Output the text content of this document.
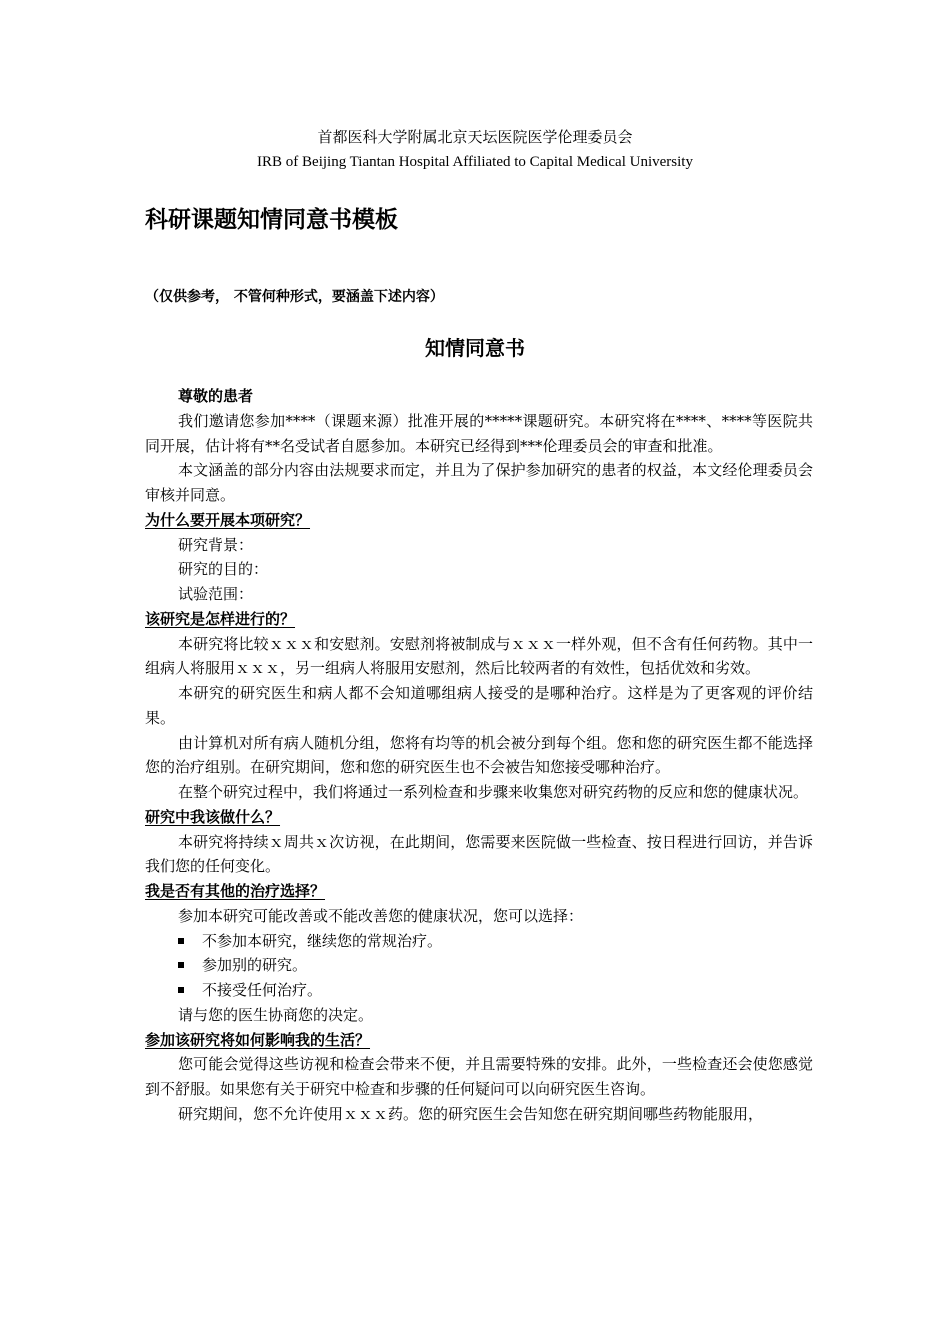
首都医科大学附属北京天坛医院医学伦理委员会
IRB of Beijing Tiantan Hospital Affiliated to Capital Medical University
科研课题知情同意书模板
（仅供参考， 不管何种形式，要涵盖下述内容）
知情同意书
尊敬的患者

我们邀请您参加****（课题来源）批准开展的*****课题研究。本研究将在****、****等医院共同开展，估计将有**名受试者自愿参加。本研究已经得到***伦理委员会的审查和批准。

本文涵盖的部分内容由法规要求而定，并且为了保护参加研究的患者的权益，本文经伦理委员会审核并同意。

为什么要开展本项研究？

研究背景：

研究的目的：

试验范围：

该研究是怎样进行的？

本研究将比较ｘｘｘ和安慰剂。安慰剂将被制成与ｘｘｘ一样外观，但不含有任何药物。其中一组病人将服用ｘｘｘ，另一组病人将服用安慰剂，然后比较两者的有效性，包括优效和劣效。

本研究的研究医生和病人都不会知道哪组病人接受的是哪种治疗。这样是为了更客观的评价结果。

由计算机对所有病人随机分组，您将有均等的机会被分到每个组。您和您的研究医生都不能选择您的治疗组别。在研究期间，您和您的研究医生也不会被告知您接受哪种治疗。

在整个研究过程中，我们将通过一系列检查和步骤来收集您对研究药物的反应和您的健康状况。

研究中我该做什么？

本研究将持续ｘ周共ｘ次访视，在此期间，您需要来医院做一些检查、按日程进行回访，并告诉我们您的任何变化。

我是否有其他的治疗选择？

参加本研究可能改善或不能改善您的健康状况，您可以选择：

不参加本研究，继续您的常规治疗。
参加别的研究。
不接受任何治疗。

请与您的医生协商您的决定。

参加该研究将如何影响我的生活？

您可能会觉得这些访视和检查会带来不便，并且需要特殊的安排。此外，一些检查还会使您感觉到不舒服。如果您有关于研究中检查和步骤的任何疑问可以向研究医生咨询。

研究期间，您不允许使用ｘｘｘ药。您的研究医生会告知您在研究期间哪些药物能服用，
